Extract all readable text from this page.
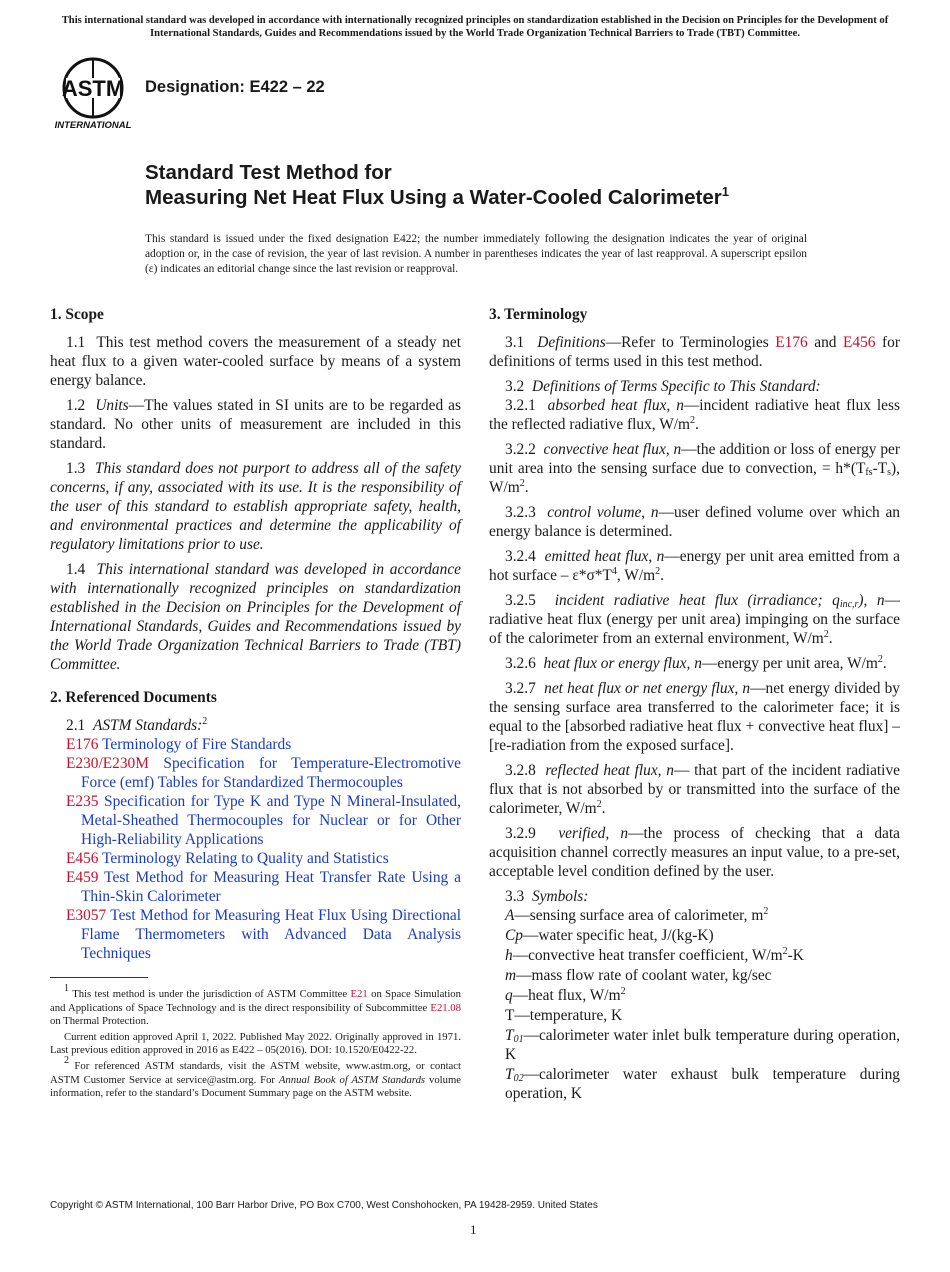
This international standard was developed in accordance with internationally recognized principles on standardization established in the Decision on Principles for the Development of International Standards, Guides and Recommendations issued by the World Trade Organization Technical Barriers to Trade (TBT) Committee.
ASTM
INTERNATIONAL
Designation: E422 – 22
Standard Test Method for
Measuring Net Heat Flux Using a Water-Cooled Calorimeter$^1$
This standard is issued under the fixed designation E422; the number immediately following the designation indicates the year of original adoption or, in the case of revision, the year of last revision. A number in parentheses indicates the year of last reapproval. A superscript epsilon (ε) indicates an editorial change since the last revision or reapproval.
1. Scope

1.1 This test method covers the measurement of a steady net heat flux to a given water-cooled surface by means of a system energy balance.

1.2 Units—The values stated in SI units are to be regarded as standard. No other units of measurement are included in this standard.

1.3 This standard does not purport to address all of the safety concerns, if any, associated with its use. It is the responsibility of the user of this standard to establish appropriate safety, health, and environmental practices and determine the applicability of regulatory limitations prior to use.

1.4 This international standard was developed in accordance with internationally recognized principles on standardization established in the Decision on Principles for the Development of International Standards, Guides and Recommendations issued by the World Trade Organization Technical Barriers to Trade (TBT) Committee.

2. Referenced Documents

2.1 ASTM Standards:$^2$

E176 Terminology of Fire Standards

E230/E230M Specification for Temperature-Electromotive Force (emf) Tables for Standardized Thermocouples

E235 Specification for Type K and Type N Mineral-Insulated, Metal-Sheathed Thermocouples for Nuclear or for Other High-Reliability Applications

E456 Terminology Relating to Quality and Statistics

E459 Test Method for Measuring Heat Transfer Rate Using a Thin-Skin Calorimeter

E3057 Test Method for Measuring Heat Flux Using Directional Flame Thermometers with Advanced Data Analysis Techniques

$^1$ This test method is under the jurisdiction of ASTM Committee E21 on Space Simulation and Applications of Space Technology and is the direct responsibility of Subcommittee E21.08 on Thermal Protection.

Current edition approved April 1, 2022. Published May 2022. Originally approved in 1971. Last previous edition approved in 2016 as E422 – 05(2016). DOI: 10.1520/E0422-22.

$^2$ For referenced ASTM standards, visit the ASTM website, www.astm.org, or contact ASTM Customer Service at service@astm.org. For Annual Book of ASTM Standards volume information, refer to the standard’s Document Summary page on the ASTM website.

3. Terminology

3.1 Definitions—Refer to Terminologies E176 and E456 for definitions of terms used in this test method.

3.2 Definitions of Terms Specific to This Standard:

3.2.1 absorbed heat flux, n—incident radiative heat flux less the reflected radiative flux, $W/m^2$.

3.2.2 convective heat flux, n—the addition or loss of energy per unit area into the sensing surface due to convection, = $h*(T_{fs}-T_s)$, $W/m^2$.

3.2.3 control volume, n—user defined volume over which an energy balance is determined.

3.2.4 emitted heat flux, n—energy per unit area emitted from a hot surface – $\varepsilon*\sigma*T^4$, $W/m^2$.

3.2.5 incident radiative heat flux (irradiance; $q_{inc,r}$), n—radiative heat flux (energy per unit area) impinging on the surface of the calorimeter from an external environment, $W/m^2$.

3.2.6 heat flux or energy flux, n—energy per unit area, $W/m^2$.

3.2.7 net heat flux or net energy flux, n—net energy divided by the sensing surface area transferred to the calorimeter face; it is equal to the [absorbed radiative heat flux + convective heat flux] – [re-radiation from the exposed surface].

3.2.8 reflected heat flux, n— that part of the incident radiative flux that is not absorbed by or transmitted into the surface of the calorimeter, $W/m^2$.

3.2.9 verified, n—the process of checking that a data acquisition channel correctly measures an input value, to a pre-set, acceptable level condition defined by the user.

3.3 Symbols:

A—sensing surface area of calorimeter, $m^2$

Cp—water specific heat, J/(kg-K)

h—convective heat transfer coefficient, $W/m^2-K$

m—mass flow rate of coolant water, kg/sec

q—heat flux, $W/m^2$

T—temperature, K

$T_{01}—calorimeter$ water inlet bulk temperature during operation, K

$T_{02}—calorimeter$ water exhaust bulk temperature during operation, K

Copyright © ASTM International, 100 Barr Harbor Drive, PO Box C700, West Conshohocken, PA 19428-2959. United States
1
